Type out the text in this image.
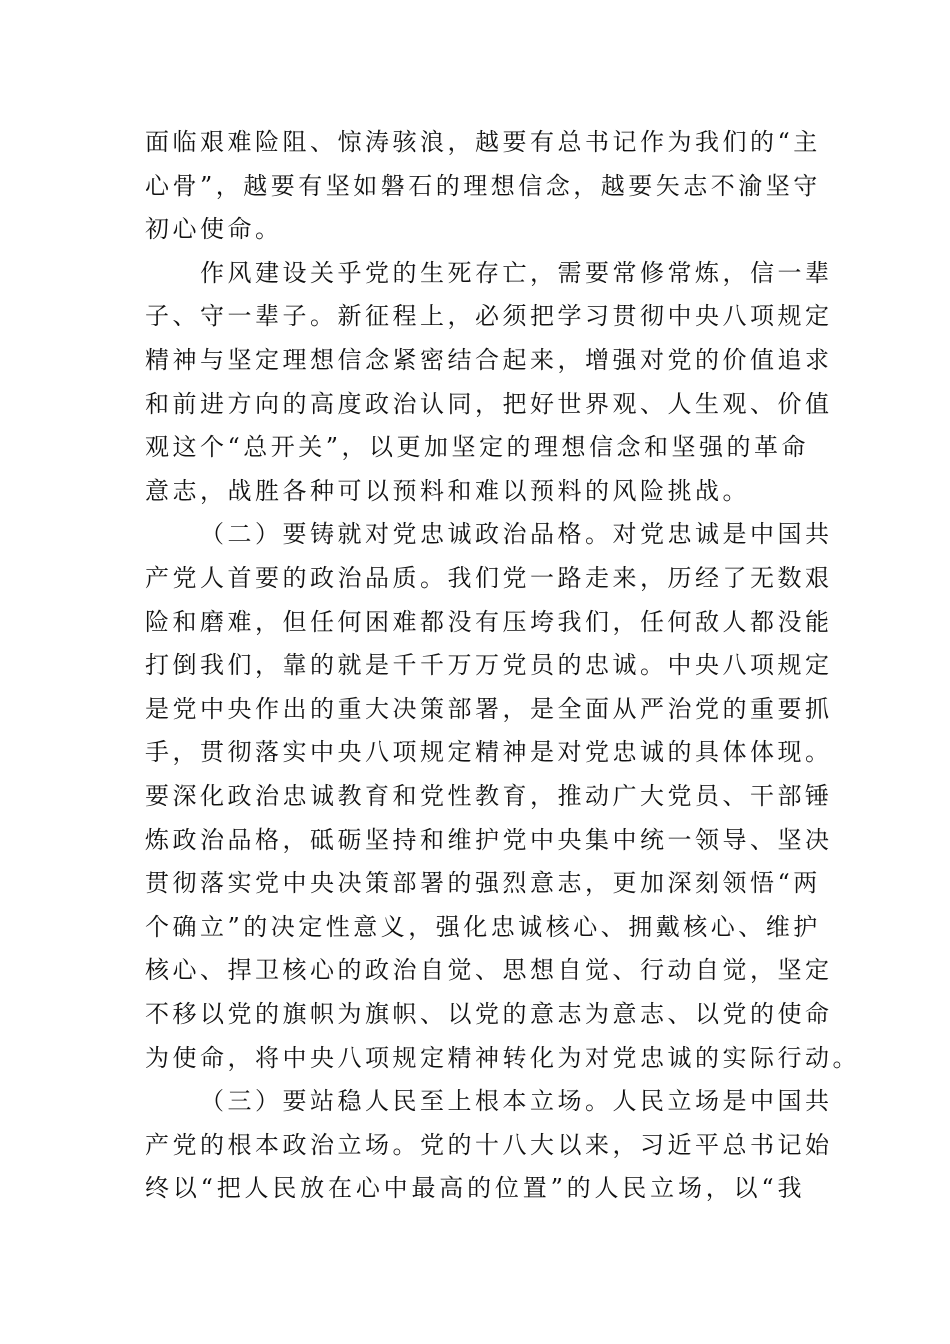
面临艰难险阻、惊涛骇浪，越要有总书记作为我们的“主
心骨”，越要有坚如磐石的理想信念，越要矢志不渝坚守
初心使命。
作风建设关乎党的生死存亡，需要常修常炼，信一辈
子、守一辈子。新征程上，必须把学习贯彻中央八项规定
精神与坚定理想信念紧密结合起来，增强对党的价值追求
和前进方向的高度政治认同，把好世界观、人生观、价值
观这个“总开关”，以更加坚定的理想信念和坚强的革命
意志，战胜各种可以预料和难以预料的风险挑战。
（二）要铸就对党忠诚政治品格。对党忠诚是中国共
产党人首要的政治品质。我们党一路走来，历经了无数艰
险和磨难，但任何困难都没有压垮我们，任何敌人都没能
打倒我们，靠的就是千千万万党员的忠诚。中央八项规定
是党中央作出的重大决策部署，是全面从严治党的重要抓
手，贯彻落实中央八项规定精神是对党忠诚的具体体现。
要深化政治忠诚教育和党性教育，推动广大党员、干部锤
炼政治品格，砥砺坚持和维护党中央集中统一领导、坚决
贯彻落实党中央决策部署的强烈意志，更加深刻领悟“两
个确立”的决定性意义，强化忠诚核心、拥戴核心、维护
核心、捍卫核心的政治自觉、思想自觉、行动自觉，坚定
不移以党的旗帜为旗帜、以党的意志为意志、以党的使命
为使命，将中央八项规定精神转化为对党忠诚的实际行动。
（三）要站稳人民至上根本立场。人民立场是中国共
产党的根本政治立场。党的十八大以来，习近平总书记始
终以“把人民放在心中最高的位置”的人民立场，以“我
